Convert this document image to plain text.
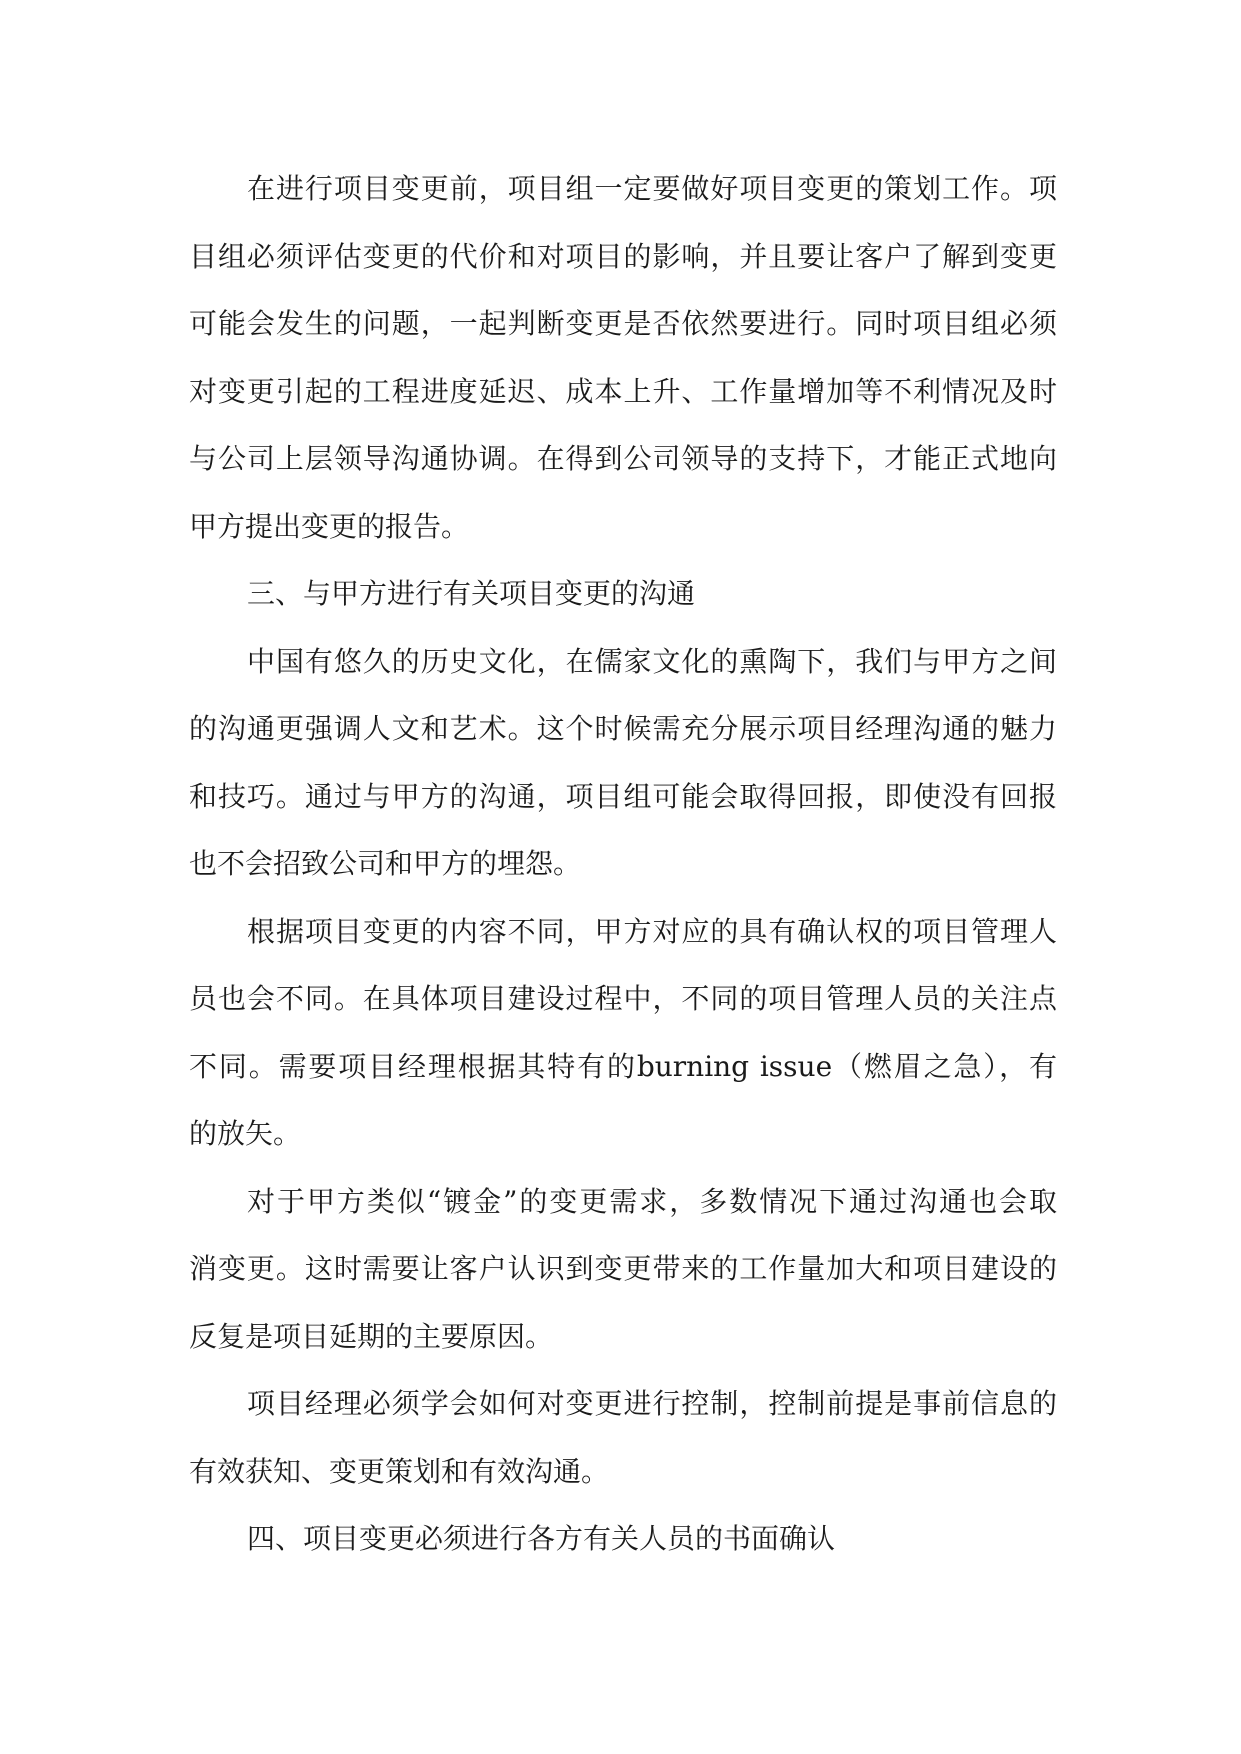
在进行项目变更前，项目组一定要做好项目变更的策划工作。项
目组必须评估变更的代价和对项目的影响，并且要让客户了解到变更
可能会发生的问题，一起判断变更是否依然要进行。同时项目组必须
对变更引起的工程进度延迟、成本上升、工作量增加等不利情况及时
与公司上层领导沟通协调。在得到公司领导的支持下，才能正式地向
甲方提出变更的报告。

三、与甲方进行有关项目变更的沟通

中国有悠久的历史文化，在儒家文化的熏陶下，我们与甲方之间
的沟通更强调人文和艺术。这个时候需充分展示项目经理沟通的魅力
和技巧。通过与甲方的沟通，项目组可能会取得回报，即使没有回报
也不会招致公司和甲方的埋怨。

根据项目变更的内容不同，甲方对应的具有确认权的项目管理人
员也会不同。在具体项目建设过程中，不同的项目管理人员的关注点
不同。需要项目经理根据其特有的burning issue（燃眉之急），有
的放矢。

对于甲方类似“镀金”的变更需求，多数情况下通过沟通也会取
消变更。这时需要让客户认识到变更带来的工作量加大和项目建设的
反复是项目延期的主要原因。

项目经理必须学会如何对变更进行控制，控制前提是事前信息的
有效获知、变更策划和有效沟通。

四、项目变更必须进行各方有关人员的书面确认
